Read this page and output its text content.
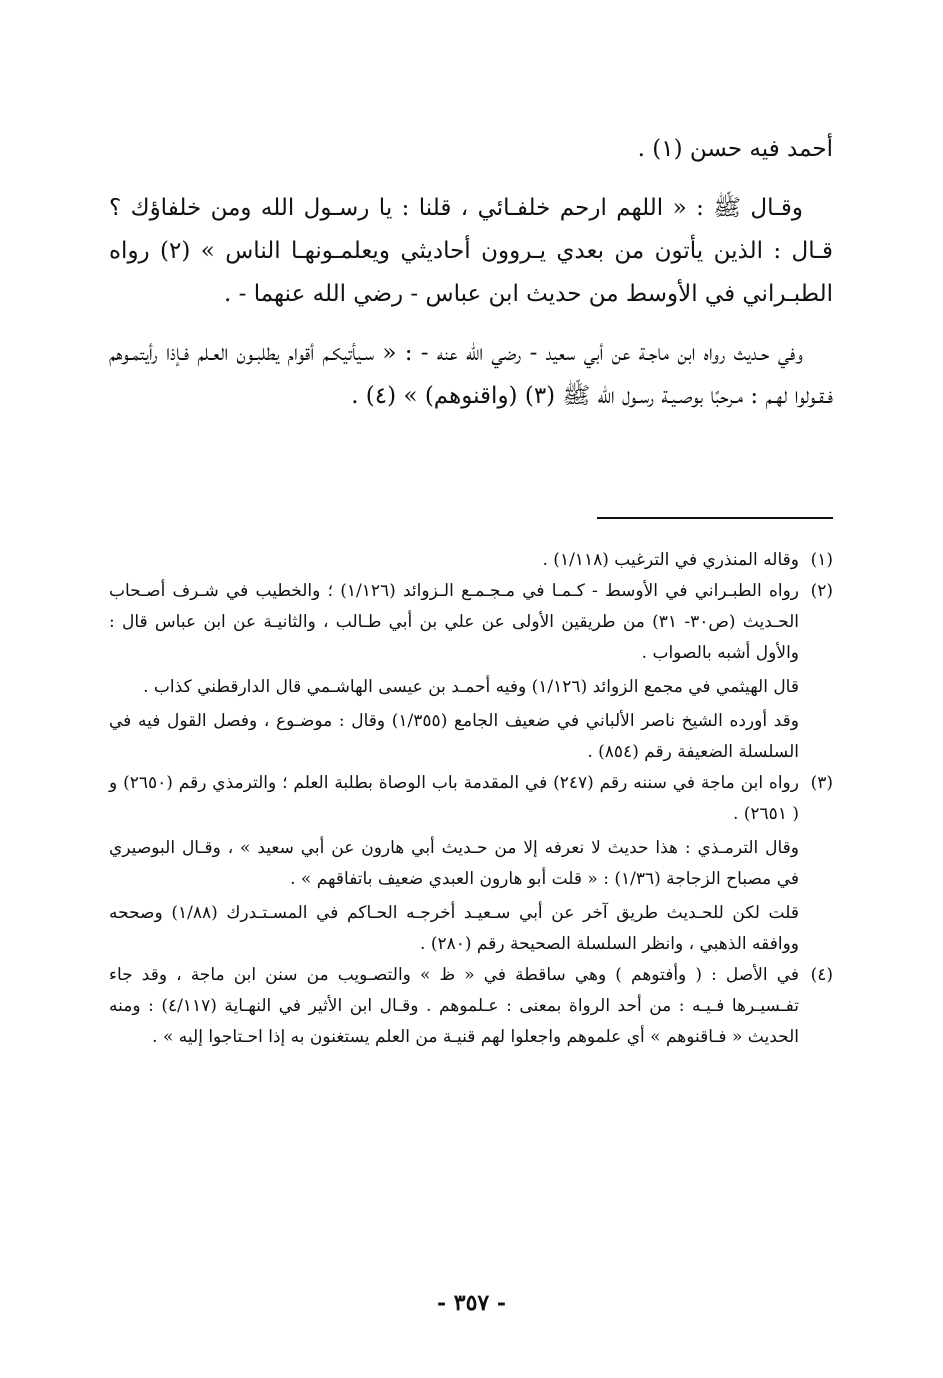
أحمد فيه حسن (١) .

وقـال ﷺ : « اللهم ارحم خلفـائي ، قلنا : يا رسـول الله ومن خلفاؤك ؟ قـال : الذين يأتون من بعدي يـروون أحاديثي ويعلمـونهـا الناس » (٢) رواه الطبـراني في الأوسط من حديث ابن عباس - رضي الله عنهما - .

وفي حـديث رواه ابن ماجـة عن أبي سعيد - رضي الله عنه - : « سـيأتيكـم أقوام يطلبـون العـلم فـإذا رأيتمـوهم فـقـولوا لهـم : مـرحبًا بوصـيـة رسـول الله ﷺ (٣) (واقنوهم) » (٤) .

(١)

وقاله المنذري في الترغيب (١/١١٨) .

(٢)

رواه الطبـراني في الأوسط - كـمـا في مـجـمـع الـزوائد (١/١٢٦) ؛ والخطيب في شـرف أصـحاب الحـديث (ص٣٠- ٣١) من طريقين الأولى عن علي بن أبي طـالب ، والثانيـة عن ابن عباس قال : والأول أشبه بالصواب .

قال الهيثمي في مجمع الزوائد (١/١٢٦) وفيه أحمـد بن عيسى الهاشـمي قال الدارقطني كذاب .

وقد أورده الشيخ ناصر الألباني في ضعيف الجامع (١/٣٥٥) وقال : موضـوع ، وفصل القول فيه في السلسلة الضعيفة رقم (٨٥٤) .

(٣)

رواه ابن ماجة في سننه رقم (٢٤٧) في المقدمة باب الوصاة بطلبة العلم ؛ والترمذي رقم (٢٦٥٠) و ( ٢٦٥١) .

وقال الترمـذي : هذا حديث لا نعرفه إلا من حـديث أبي هارون عن أبي سعيد » ، وقـال البوصيري في مصباح الزجاجة (١/٣٦) : « قلت أبو هارون العبدي ضعيف باتفاقهم » .

قلت لكن للحـديث طريق آخر عن أبي سـعيـد أخرجـه الحـاكم في المسـتـدرك (١/٨٨) وصححه ووافقه الذهبي ، وانظر السلسلة الصحيحة رقم (٢٨٠) .

(٤)

في الأصل : ( وأفتوهم ) وهي ساقطة في « ظ » والتصـويب من سنن ابن ماجة ، وقد جاء تفـسيـرها فـيـه : من أحد الرواة بمعنى : عـلموهم . وقـال ابن الأثير في النهـاية (٤/١١٧) : ومنه الحديث « فـاقنوهم » أي علموهم واجعلوا لهم قنيـة من العلم يستغنون به إذا احـتاجوا إليه » .

- ٣٥٧ -
